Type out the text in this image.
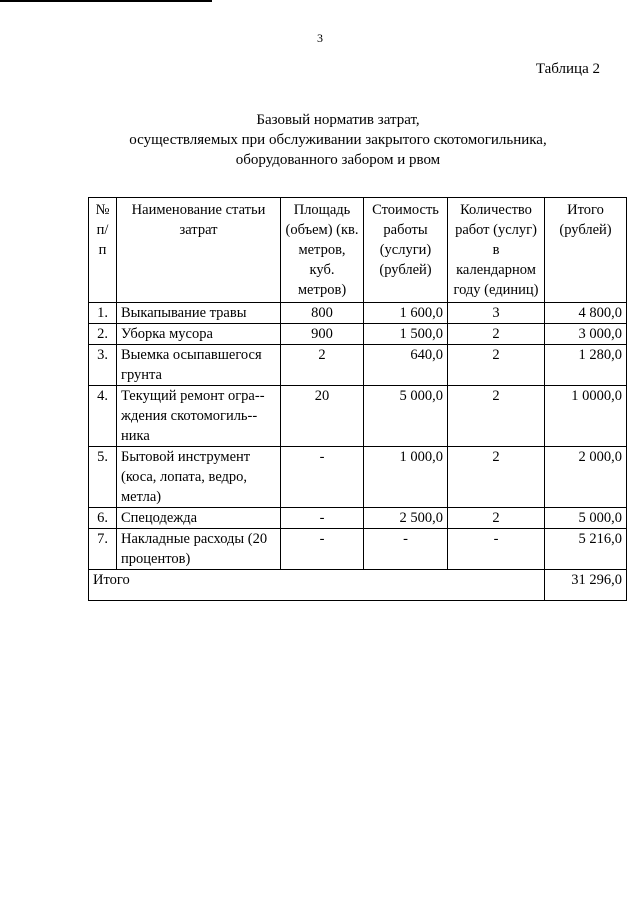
3
Таблица 2
Базовый норматив затрат,
осуществляемых при обслуживании закрытого скотомогильника,
оборудованного забором и рвом
№ п/п	Наименование статьи затрат	Площадь (объем) (кв. метров, куб. метров)	Стоимость работы (услуги) (рублей)	Количество работ (услуг) в календарном году (единиц)	Итого (рублей)
1.	Выкапывание травы	800	1 600,0	3	4 800,0
2.	Уборка мусора	900	1 500,0	2	3 000,0
3.	Выемка осыпавшегося грунта	2	640,0	2	1 280,0
4.	Текущий ремонт огра-ждения скотомогиль-ника	20	5 000,0	2	1 0000,0
5.	Бытовой инструмент (коса, лопата, ведро, метла)	-	1 000,0	2	2 000,0
6.	Спецодежда	-	2 500,0	2	5 000,0
7.	Накладные расходы (20 процентов)	-	-	-	5 216,0
Итого					31 296,0
